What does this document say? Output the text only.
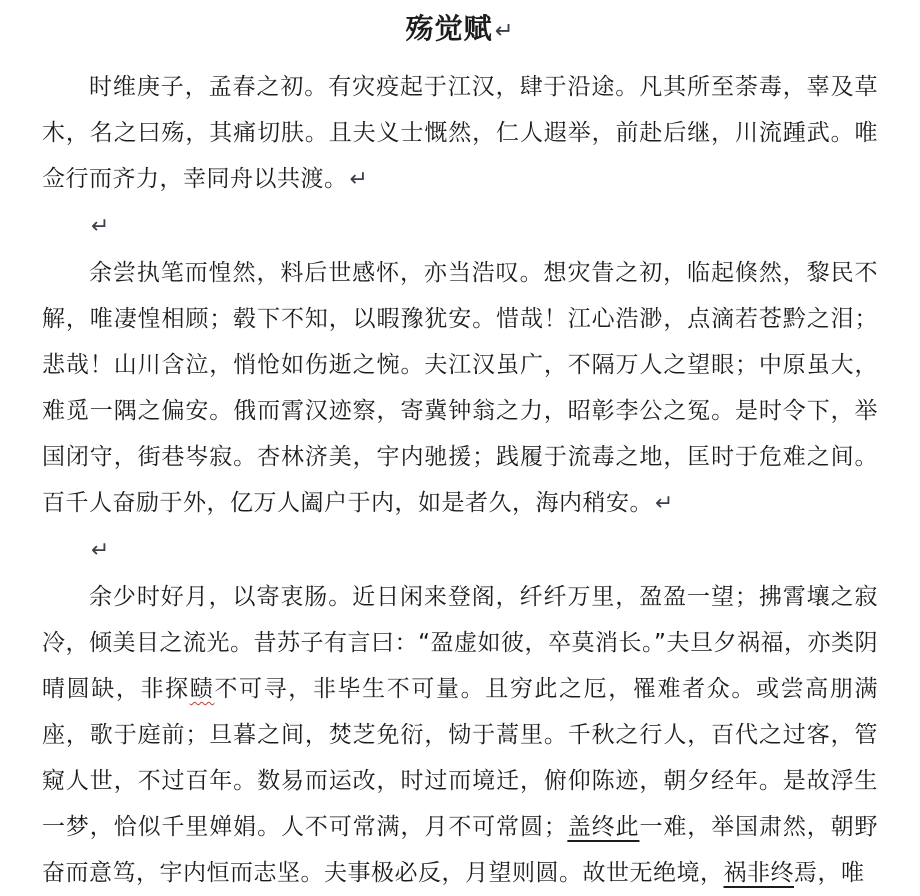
殇觉赋↵

时维庚子，孟春之初。有灾疫起于江汉，肆于沿途。凡其所至荼毒，辜及草木，名之曰殇，其痛切肤。且夫义士慨然，仁人遐举，前赴后继，川流踵武。唯佥行而齐力，幸同舟以共渡。↵

↵

余尝执笔而惶然，料后世感怀，亦当浩叹。想灾眚之初，临起倏然，黎民不解，唯凄惶相顾；毂下不知，以暇豫犹安。惜哉！江心浩渺，点滴若苍黔之泪；悲哉！山川含泣，悄怆如伤逝之惋。夫江汉虽广，不隔万人之望眼；中原虽大，难觅一隅之偏安。俄而霄汉迹察，寄冀钟翁之力，昭彰李公之冤。是时令下，举国闭守，街巷岑寂。杏林济美，宇内驰援；践履于流毒之地，匡时于危难之间。百千人奋励于外，亿万人阖户于内，如是者久，海内稍安。↵

↵

余少时好月，以寄衷肠。近日闲来登阁，纤纤万里，盈盈一望；拂霄壤之寂冷，倾美目之流光。昔苏子有言曰：“盈虚如彼，卒莫消长。”夫旦夕祸福，亦类阴晴圆缺，非探赜不可寻，非毕生不可量。且穷此之厄，罹难者众。或尝高朋满座，歌于庭前；旦暮之间，焚芝免衍，恸于蒿里。千秋之行人，百代之过客，管窥人世，不过百年。数易而运改，时过而境迁，俯仰陈迹，朝夕经年。是故浮生一梦，恰似千里婵娟。人不可常满，月不可常圆；盖终此一难，举国肃然，朝野奋而意笃，宇内恒而志坚。夫事极必反，月望则圆。故世无绝境，祸非终焉，唯
